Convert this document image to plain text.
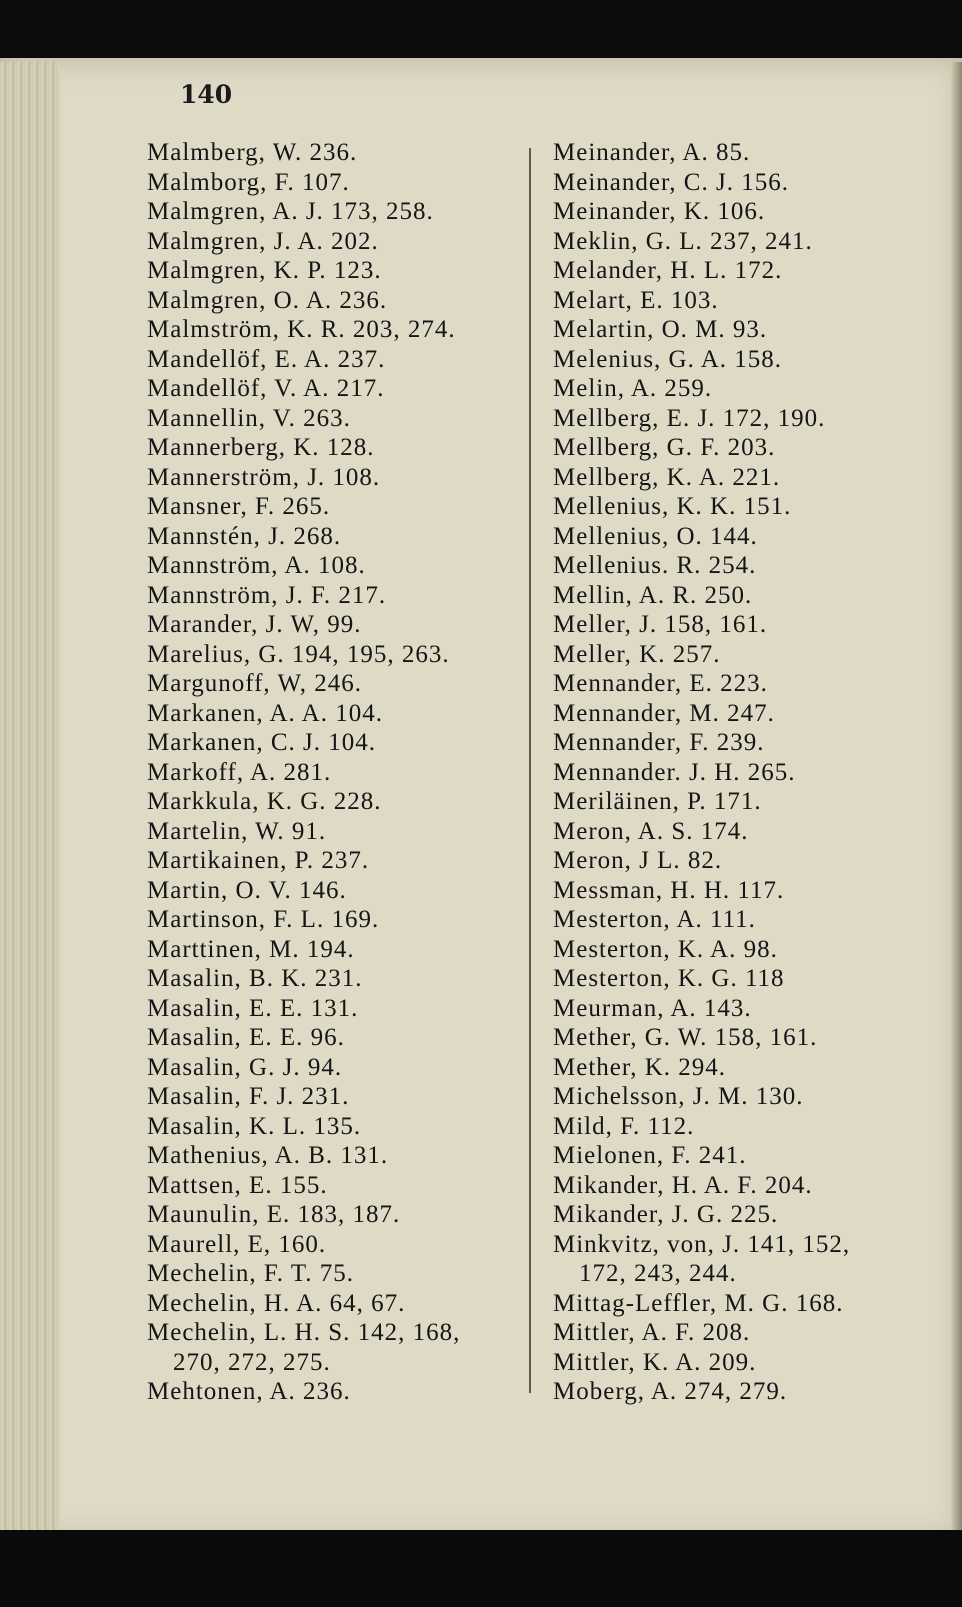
140
Malmberg, W. 236.
Malmborg, F. 107.
Malmgren, A. J. 173, 258.
Malmgren, J. A. 202.
Malmgren, K. P. 123.
Malmgren, O. A. 236.
Malmström, K. R. 203, 274.
Mandellöf, E. A. 237.
Mandellöf, V. A. 217.
Mannellin, V. 263.
Mannerberg, K. 128.
Mannerström, J. 108.
Mansner, F. 265.
Mannstén, J. 268.
Mannström, A. 108.
Mannström, J. F. 217.
Marander, J. W, 99.
Marelius, G. 194, 195, 263.
Margunoff, W, 246.
Markanen, A. A. 104.
Markanen, C. J. 104.
Markoff, A. 281.
Markkula, K. G. 228.
Martelin, W. 91.
Martikainen, P. 237.
Martin, O. V. 146.
Martinson, F. L. 169.
Marttinen, M. 194.
Masalin, B. K. 231.
Masalin, E. E. 131.
Masalin, E. E. 96.
Masalin, G. J. 94.
Masalin, F. J. 231.
Masalin, K. L. 135.
Mathenius, A. B. 131.
Mattsen, E. 155.
Maunulin, E. 183, 187.
Maurell, E, 160.
Mechelin, F. T. 75.
Mechelin, H. A. 64, 67.
Mechelin, L. H. S. 142, 168,
270, 272, 275.
Mehtonen, A. 236.
Meinander, A. 85.
Meinander, C. J. 156.
Meinander, K. 106.
Meklin, G. L. 237, 241.
Melander, H. L. 172.
Melart, E. 103.
Melartin, O. M. 93.
Melenius, G. A. 158.
Melin, A. 259.
Mellberg, E. J. 172, 190.
Mellberg, G. F. 203.
Mellberg, K. A. 221.
Mellenius, K. K. 151.
Mellenius, O. 144.
Mellenius. R. 254.
Mellin, A. R. 250.
Meller, J. 158, 161.
Meller, K. 257.
Mennander, E. 223.
Mennander, M. 247.
Mennander, F. 239.
Mennander. J. H. 265.
Meriläinen, P. 171.
Meron, A. S. 174.
Meron, J L. 82.
Messman, H. H. 117.
Mesterton, A. 111.
Mesterton, K. A. 98.
Mesterton, K. G. 118
Meurman, A. 143.
Mether, G. W. 158, 161.
Mether, K. 294.
Michelsson, J. M. 130.
Mild, F. 112.
Mielonen, F. 241.
Mikander, H. A. F. 204.
Mikander, J. G. 225.
Minkvitz, von, J. 141, 152,
172, 243, 244.
Mittag-Leffler, M. G. 168.
Mittler, A. F. 208.
Mittler, K. A. 209.
Moberg, A. 274, 279.
